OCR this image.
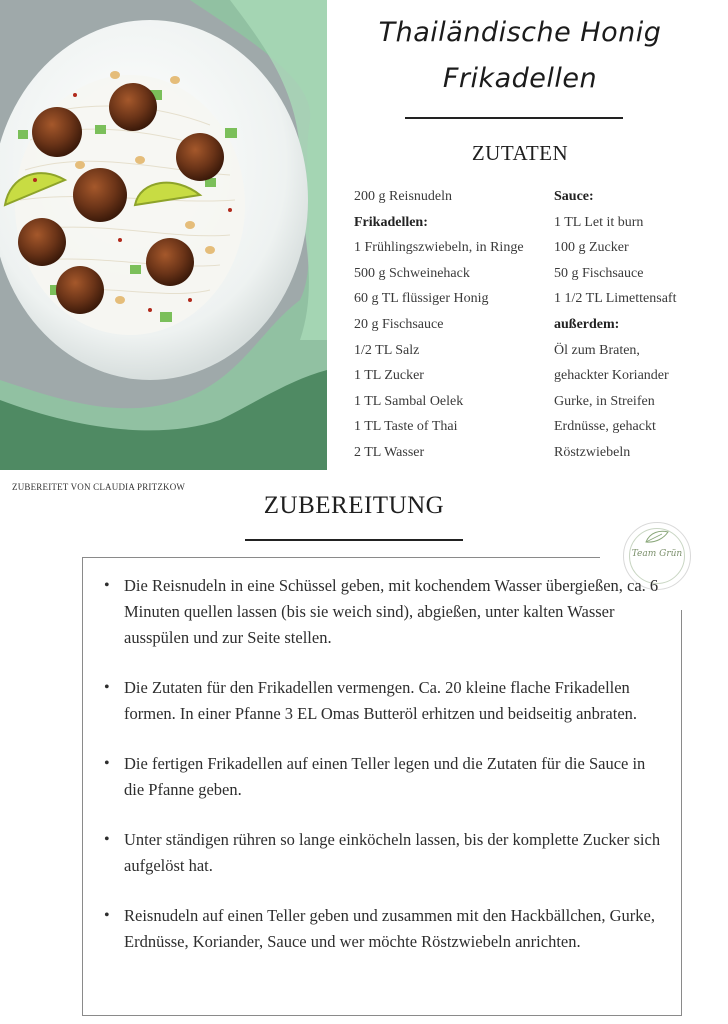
Thailändische Honig
Frikadellen
ZUTATEN
200 g Reisnudeln
Frikadellen:
1 Frühlingszwiebeln, in Ringe
500 g Schweinehack
60 g TL flüssiger Honig
20 g Fischsauce
1/2 TL Salz
1 TL Zucker
1 TL Sambal Oelek
1 TL Taste of Thai
2 TL Wasser
Sauce:
1 TL Let it burn
100 g Zucker
50 g Fischsauce
1 1/2 TL Limettensaft
außerdem:
Öl zum Braten,
gehackter Koriander
Gurke, in Streifen
Erdnüsse, gehackt
Röstzwiebeln
ZUBEREITET VON CLAUDIA PRITZKOW
ZUBEREITUNG
Team Grün
• Die Reisnudeln in eine Schüssel geben, mit kochendem Wasser übergießen, ca. 6 Minuten quellen lassen (bis sie weich sind), abgießen, unter kalten Wasser ausspülen und zur Seite stellen.
• Die Zutaten für den Frikadellen vermengen. Ca. 20 kleine flache Frikadellen formen. In einer Pfanne 3 EL Omas Butteröl erhitzen und beidseitig anbraten.
• Die fertigen Frikadellen auf einen Teller legen und die Zutaten für die Sauce in die Pfanne geben.
• Unter ständigen rühren so lange einköcheln lassen, bis der komplette Zucker sich aufgelöst hat.
• Reisnudeln auf einen Teller geben und zusammen mit den Hackbällchen, Gurke, Erdnüsse, Koriander, Sauce und wer möchte Röstzwiebeln anrichten.
